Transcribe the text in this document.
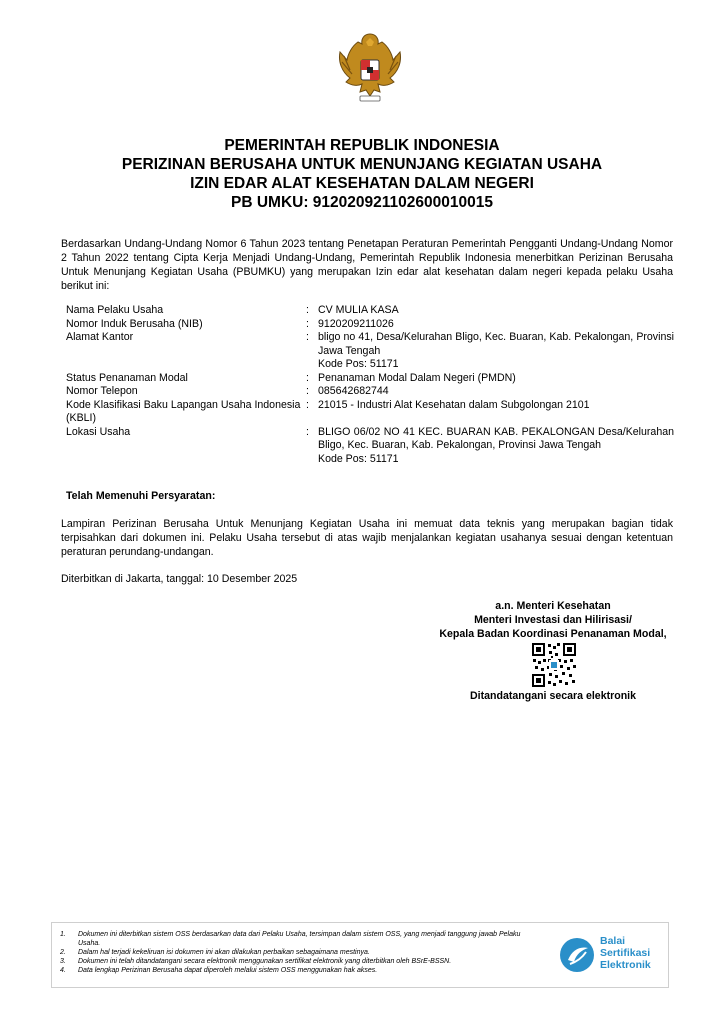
PEMERINTAH REPUBLIK INDONESIA
PERIZINAN BERUSAHA UNTUK MENUNJANG KEGIATAN USAHA
IZIN EDAR ALAT KESEHATAN DALAM NEGERI
PB UMKU: 912020921102600010015
Berdasarkan Undang-Undang Nomor 6 Tahun 2023 tentang Penetapan Peraturan Pemerintah Pengganti Undang-Undang Nomor 2 Tahun 2022 tentang Cipta Kerja Menjadi Undang-Undang, Pemerintah Republik Indonesia menerbitkan Perizinan Berusaha Untuk Menunjang Kegiatan Usaha (PBUMKU) yang merupakan Izin edar alat kesehatan dalam negeri kepada pelaku Usaha berikut ini:
Nama Pelaku Usaha	: CV MULIA KASA
Nomor Induk Berusaha (NIB)	: 9120209211026
Alamat Kantor	: bligo no 41, Desa/Kelurahan Bligo, Kec. Buaran, Kab. Pekalongan, Provinsi Jawa Tengah
Kode Pos: 51171
Status Penanaman Modal	: Penanaman Modal Dalam Negeri (PMDN)
Nomor Telepon	: 085642682744
Kode Klasifikasi Baku Lapangan Usaha Indonesia (KBLI)
: 21015 - Industri Alat Kesehatan dalam Subgolongan 2101
Lokasi Usaha	: BLIGO 06/02 NO 41 KEC. BUARAN KAB. PEKALONGAN Desa/Kelurahan Bligo, Kec. Buaran, Kab. Pekalongan, Provinsi Jawa Tengah
Kode Pos: 51171
Telah Memenuhi Persyaratan:
Lampiran Perizinan Berusaha Untuk Menunjang Kegiatan Usaha ini memuat data teknis yang merupakan bagian tidak terpisahkan dari dokumen ini. Pelaku Usaha tersebut di atas wajib menjalankan kegiatan usahanya sesuai dengan ketentuan peraturan perundang-undangan.
Diterbitkan di Jakarta, tanggal: 10 Desember 2025
a.n. Menteri Kesehatan
Menteri Investasi dan Hilirisasi/
Kepala Badan Koordinasi Penanaman Modal,
Ditandatangani secara elektronik
1.	Dokumen ini diterbitkan sistem OSS berdasarkan data dari Pelaku Usaha, tersimpan dalam sistem OSS, yang menjadi tanggung jawab Pelaku Usaha.
2.	Dalam hal terjadi kekeliruan isi dokumen ini akan dilakukan perbaikan sebagaimana mestinya.
3.	Dokumen ini telah ditandatangani secara elektronik menggunakan sertifikat elektronik yang diterbitkan oleh BSrE-BSSN.
4.	Data lengkap Perizinan Berusaha dapat diperoleh melalui sistem OSS menggunakan hak akses.
Balai
Sertifikasi
Elektronik
